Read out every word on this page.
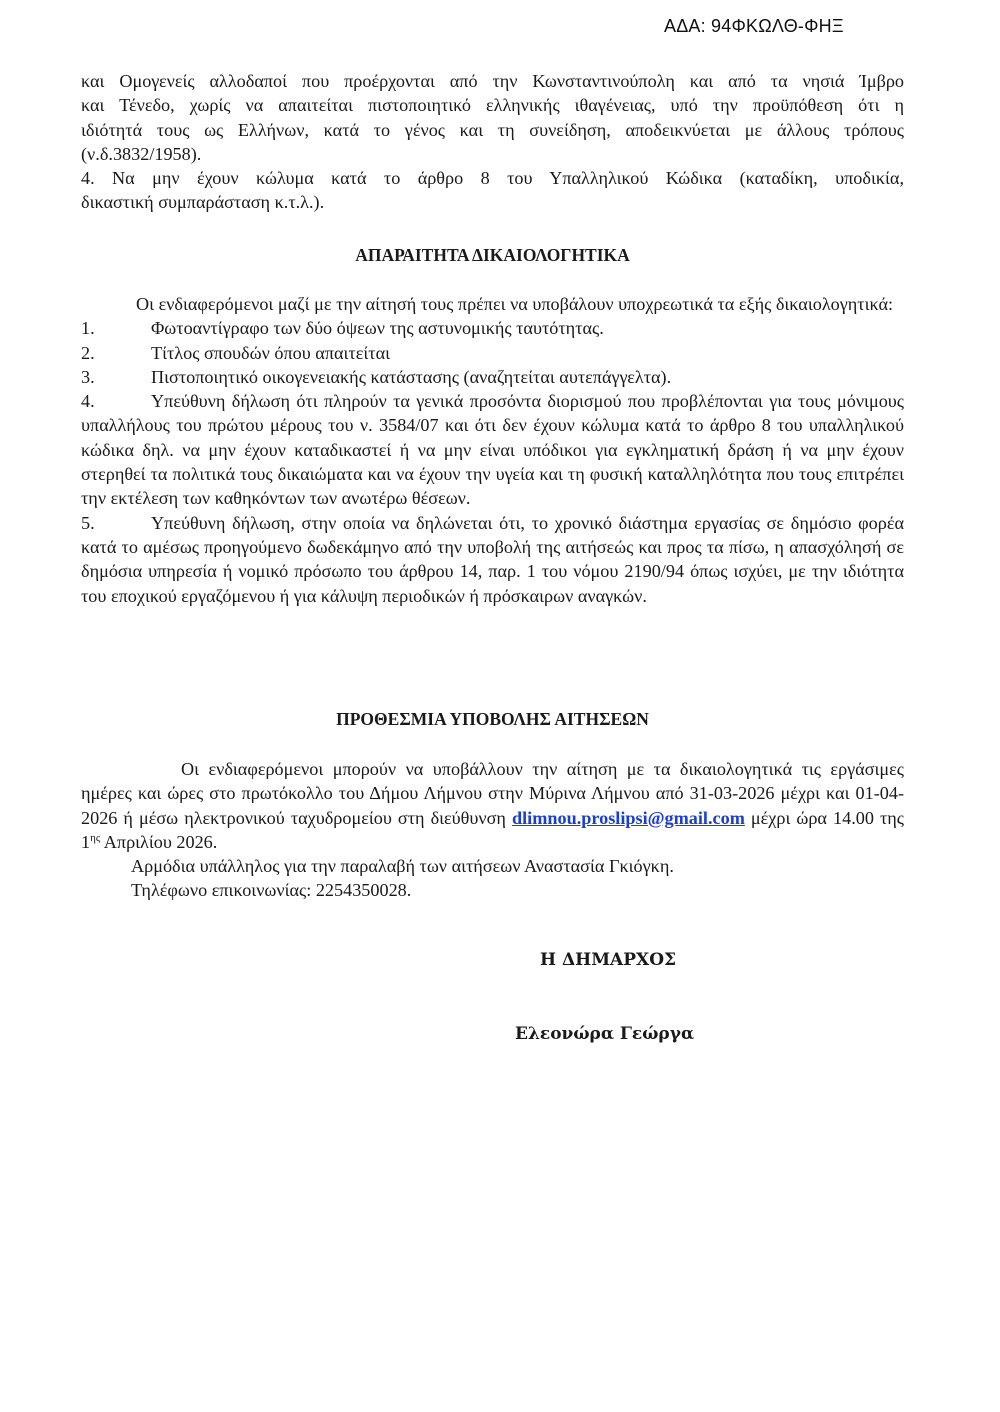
ΑΔΑ: 94ΦΚΩΛΘ-ΦΗΞ

και Ομογενείς αλλοδαποί που προέρχονται από την Κωνσταντινούπολη και από τα νησιά Ίμβρο

και Τένεδο, χωρίς να απαιτείται πιστοποιητικό ελληνικής ιθαγένειας, υπό την προϋπόθεση ότι η

ιδιότητά τους ως Ελλήνων, κατά το γένος και τη συνείδηση, αποδεικνύεται με άλλους τρόπους

(ν.δ.3832/1958).

4. Να μην έχουν κώλυμα κατά το άρθρο 8 του Υπαλληλικού Κώδικα (καταδίκη, υποδικία,

δικαστική συμπαράσταση κ.τ.λ.).

ΑΠΑΡΑΙΤΗΤΑ ΔΙΚΑΙΟΛΟΓΗΤΙΚΑ

Οι ενδιαφερόμενοι μαζί με την αίτησή τους πρέπει να υποβάλουν υποχρεωτικά τα εξής δικαιολογητικά:

1.	Φωτοαντίγραφο των δύο όψεων της αστυνομικής ταυτότητας.

2.	Τίτλος σπουδών όπου απαιτείται

3.	Πιστοποιητικό οικογενειακής κατάστασης (αναζητείται αυτεπάγγελτα).

4.	Υπεύθυνη δήλωση ότι πληρούν τα γενικά προσόντα διορισμού που προβλέπονται για τους μόνιμους υπαλλήλους του πρώτου μέρους του ν. 3584/07 και ότι δεν έχουν κώλυμα κατά το άρθρο 8 του υπαλληλικού κώδικα δηλ. να μην έχουν καταδικαστεί ή να μην είναι υπόδικοι για εγκληματική δράση ή να μην έχουν στερηθεί τα πολιτικά τους δικαιώματα και να έχουν την υγεία και τη φυσική καταλληλότητα που τους επιτρέπει την εκτέλεση των καθηκόντων των ανωτέρω θέσεων.

5.	Υπεύθυνη δήλωση, στην οποία να δηλώνεται ότι, το χρονικό διάστημα εργασίας σε δημόσιο φορέα κατά το αμέσως προηγούμενο δωδεκάμηνο από την υποβολή της αιτήσεώς και προς τα πίσω, η απασχόλησή σε δημόσια υπηρεσία ή νομικό πρόσωπο του άρθρου 14, παρ. 1 του νόμου 2190/94 όπως ισχύει, με την ιδιότητα του εποχικού εργαζόμενου ή για κάλυψη περιοδικών ή πρόσκαιρων αναγκών.

ΠΡΟΘΕΣΜΙΑ ΥΠΟΒΟΛΗΣ ΑΙΤΗΣΕΩΝ

Οι ενδιαφερόμενοι μπορούν να υποβάλλουν την αίτηση με τα δικαιολογητικά τις εργάσιμες ημέρες και ώρες στο πρωτόκολλο του Δήμου Λήμνου στην Μύρινα Λήμνου από 31-03-2026 μέχρι και 01-04-2026 ή μέσω ηλεκτρονικού ταχυδρομείου στη διεύθυνση dlimnou.proslipsi@gmail.com μέχρι ώρα 14.00 της $1^{\eta\varsigma}$ Απριλίου 2026.

Αρμόδια υπάλληλος για την παραλαβή των αιτήσεων Αναστασία Γκιόγκη.

Τηλέφωνο επικοινωνίας: 2254350028.

Η ΔΗΜΑΡΧΟΣ
Ελεονώρα Γεώργα
